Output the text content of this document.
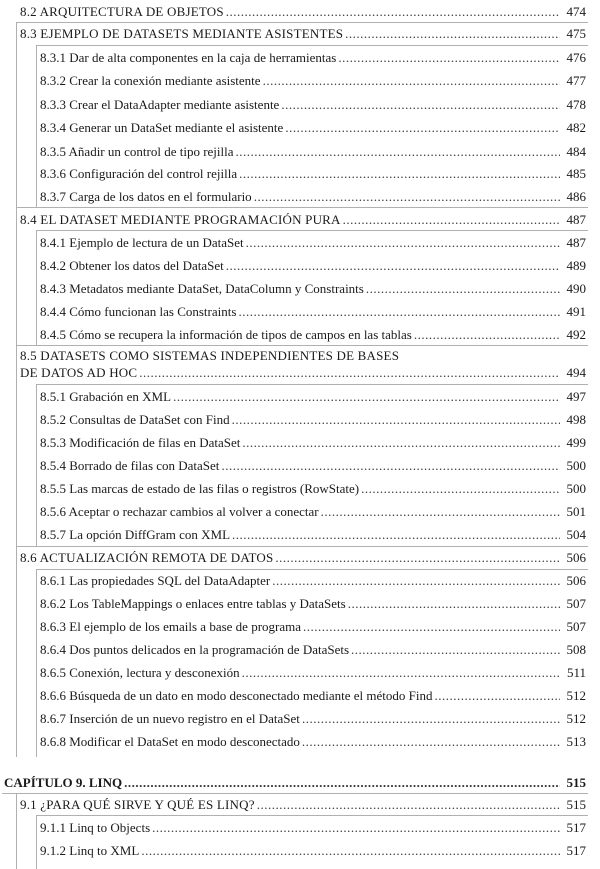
8.2 ARQUITECTURA DE OBJETOS .....	474
8.3 EJEMPLO DE DATASETS MEDIANTE ASISTENTES .....	475
8.3.1 Dar de alta componentes en la caja de herramientas .....	476
8.3.2 Crear la conexión mediante asistente .....	477
8.3.3 Crear el DataAdapter mediante asistente .....	478
8.3.4 Generar un DataSet mediante el asistente .....	482
8.3.5 Añadir un control de tipo rejilla .....	484
8.3.6 Configuración del control rejilla .....	485
8.3.7 Carga de los datos en el formulario .....	486
8.4 EL DATASET MEDIANTE PROGRAMACIÓN PURA .....	487
8.4.1 Ejemplo de lectura de un DataSet .....	487
8.4.2 Obtener los datos del DataSet .....	489
8.4.3 Metadatos mediante DataSet, DataColumn y Constraints .....	490
8.4.4 Cómo funcionan las Constraints .....	491
8.4.5 Cómo se recupera la información de tipos de campos en las tablas .....	492
8.5 DATASETS COMO SISTEMAS INDEPENDIENTES DE BASES
DE DATOS AD HOC .....	494
8.5.1 Grabación en XML .....	497
8.5.2 Consultas de DataSet con Find .....	498
8.5.3 Modificación de filas en DataSet .....	499
8.5.4 Borrado de filas con DataSet .....	500
8.5.5 Las marcas de estado de las filas o registros (RowState) .....	500
8.5.6 Aceptar o rechazar cambios al volver a conectar .....	501
8.5.7 La opción DiffGram con XML .....	504
8.6 ACTUALIZACIÓN REMOTA DE DATOS .....	506
8.6.1 Las propiedades SQL del DataAdapter .....	506
8.6.2 Los TableMappings o enlaces entre tablas y DataSets .....	507
8.6.3 El ejemplo de los emails a base de programa .....	507
8.6.4 Dos puntos delicados en la programación de DataSets .....	508
8.6.5 Conexión, lectura y desconexión .....	511
8.6.6 Búsqueda de un dato en modo desconectado mediante el método Find .....	512
8.6.7 Inserción de un nuevo registro en el DataSet .....	512
8.6.8 Modificar el DataSet en modo desconectado .....	513
CAPÍTULO 9. LINQ .....	515
9.1 ¿PARA QUÉ SIRVE Y QUÉ ES LINQ? .....	515
9.1.1 Linq to Objects .....	517
9.1.2 Linq to XML .....	517
